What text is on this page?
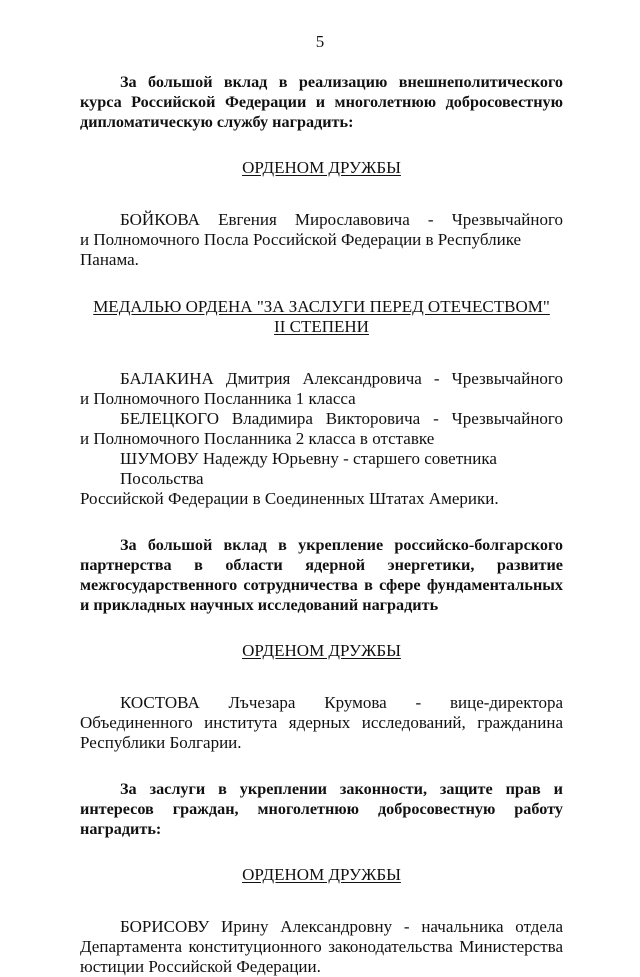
5

За большой вклад в реализацию внешнеполитического курса Российской Федерации и многолетнюю добросовестную дипломатическую службу наградить:

ОРДЕНОМ ДРУЖБЫ

БОЙКОВА Евгения Мирославовича - Чрезвычайного
и Полномочного Посла Российской Федерации в Республике Панама.

МЕДАЛЬЮ ОРДЕНА "ЗА ЗАСЛУГИ ПЕРЕД ОТЕЧЕСТВОМ"
II СТЕПЕНИ

БАЛАКИНА Дмитрия Александровича - Чрезвычайного
и Полномочного Посланника 1 класса
БЕЛЕЦКОГО Владимира Викторовича - Чрезвычайного
и Полномочного Посланника 2 класса в отставке
ШУМОВУ Надежду Юрьевну - старшего советника Посольства
Российской Федерации в Соединенных Штатах Америки.

За большой вклад в укрепление российско-болгарского партнерства в области ядерной энергетики, развитие межгосударственного сотрудничества в сфере фундаментальных и прикладных научных исследований наградить

ОРДЕНОМ ДРУЖБЫ

КОСТОВА Лъчезара Крумова - вице-директора Объединенного института ядерных исследований, гражданина Республики Болгарии.

За заслуги в укреплении законности, защите прав и интересов граждан, многолетнюю добросовестную работу наградить:

ОРДЕНОМ ДРУЖБЫ

БОРИСОВУ Ирину Александровну - начальника отдела Департамента конституционного законодательства Министерства юстиции Российской Федерации.
